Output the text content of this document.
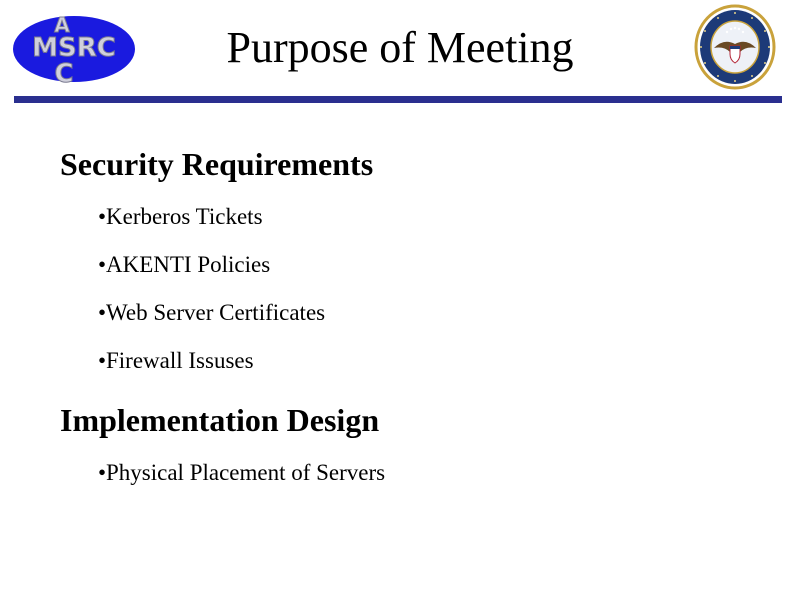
A
MSRC
C
Purpose of Meeting
Security Requirements
•Kerberos Tickets
•AKENTI Policies
•Web Server Certificates
•Firewall Issuses
Implementation Design
•Physical Placement of Servers
